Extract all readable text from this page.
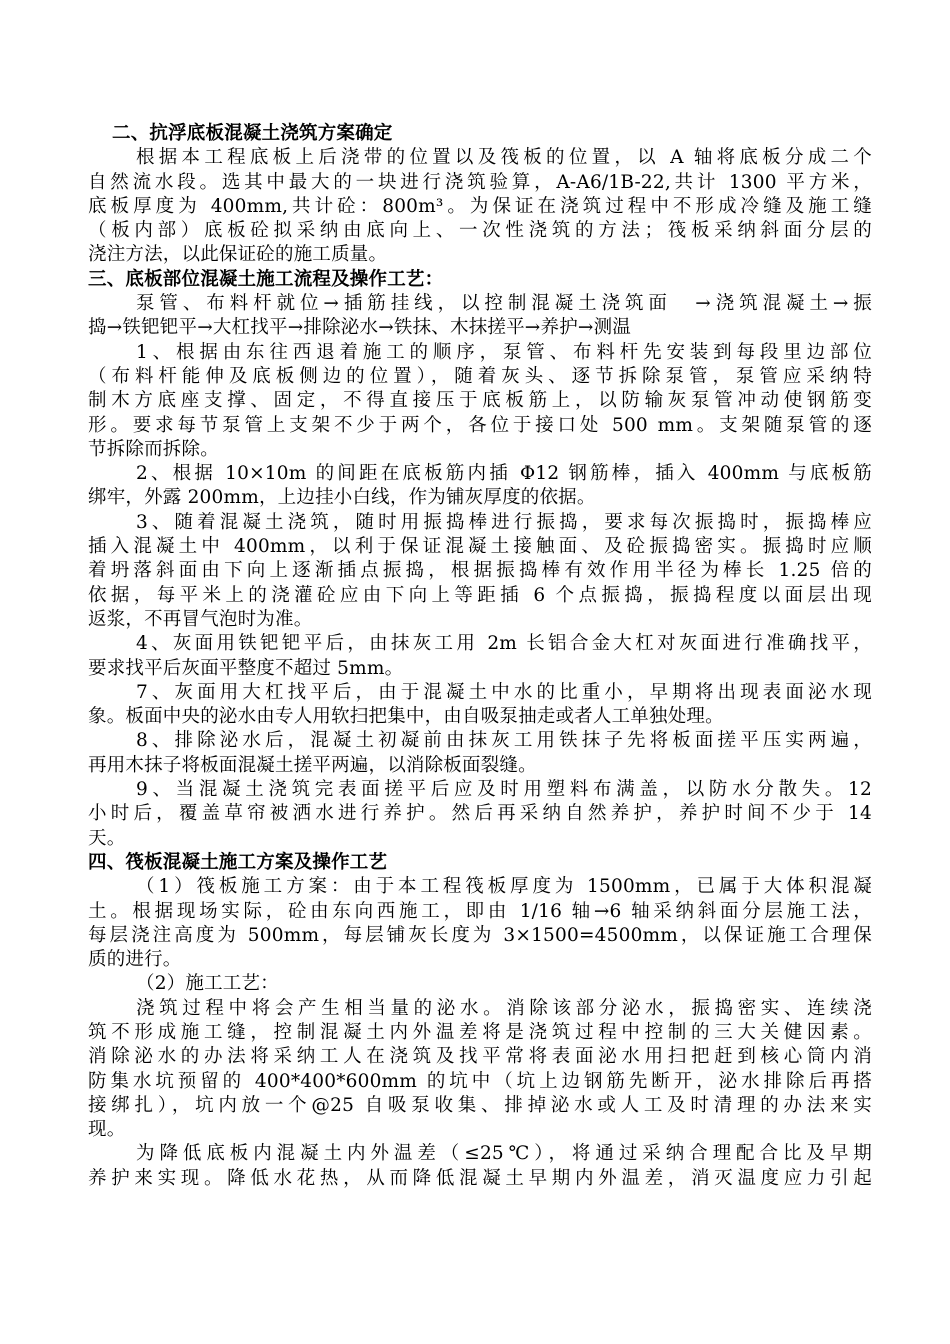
二、抗浮底板混凝土浇筑方案确定
根据本工程底板上后浇带的位置以及筏板的位置，以 A 轴将底板分成二个
自然流水段。选其中最大的一块进行浇筑验算，A-A6/1B-22,共计 1300 平方米，
底板厚度为 400mm,共计砼：800m³。为保证在浇筑过程中不形成冷缝及施工缝
（板内部）底板砼拟采纳由底向上、一次性浇筑的方法；筏板采纳斜面分层的
浇注方法，以此保证砼的施工质量。
三、底板部位混凝土施工流程及操作工艺：
泵管、布料杆就位→插筋挂线，以控制混凝土浇筑面　→浇筑混凝土→振
捣→铁钯钯平→大杠找平→排除泌水→铁抹、木抹搓平→养护→测温
1、根据由东往西退着施工的顺序，泵管、布料杆先安装到每段里边部位
（布料杆能伸及底板侧边的位置），随着灰头、逐节拆除泵管，泵管应采纳特
制木方底座支撑、固定，不得直接压于底板筋上，以防输灰泵管冲动使钢筋变
形。要求每节泵管上支架不少于两个，各位于接口处 500 mm。支架随泵管的逐
节拆除而拆除。
2、根据 10×10m 的间距在底板筋内插 Φ12 钢筋棒，插入 400mm 与底板筋
绑牢，外露 200mm，上边挂小白线，作为铺灰厚度的依据。
3、随着混凝土浇筑，随时用振捣棒进行振捣，要求每次振捣时，振捣棒应
插入混凝土中 400mm，以利于保证混凝土接触面、及砼振捣密实。振捣时应顺
着坍落斜面由下向上逐渐插点振捣，根据振捣棒有效作用半径为棒长 1.25 倍的
依据，每平米上的浇灌砼应由下向上等距插 6 个点振捣，振捣程度以面层出现
返浆，不再冒气泡时为准。
4、灰面用铁钯钯平后，由抹灰工用 2m 长铝合金大杠对灰面进行准确找平，
要求找平后灰面平整度不超过 5mm。
7、灰面用大杠找平后，由于混凝土中水的比重小，早期将出现表面泌水现
象。板面中央的泌水由专人用软扫把集中，由自吸泵抽走或者人工单独处理。
8、排除泌水后，混凝土初凝前由抹灰工用铁抹子先将板面搓平压实两遍，
再用木抹子将板面混凝土搓平两遍，以消除板面裂缝。
9、当混凝土浇筑完表面搓平后应及时用塑料布满盖，以防水分散失。12
小时后，覆盖草帘被洒水进行养护。然后再采纳自然养护，养护时间不少于 14
天。
四、筏板混凝土施工方案及操作工艺
（1）筏板施工方案：由于本工程筏板厚度为 1500mm，已属于大体积混凝
土。根据现场实际，砼由东向西施工，即由 1/16 轴→6 轴采纳斜面分层施工法，
每层浇注高度为 500mm，每层铺灰长度为 3×1500=4500mm，以保证施工合理保
质的进行。
（2）施工工艺：
浇筑过程中将会产生相当量的泌水。消除该部分泌水，振捣密实、连续浇
筑不形成施工缝，控制混凝土内外温差将是浇筑过程中控制的三大关健因素。
消除泌水的办法将采纳工人在浇筑及找平常将表面泌水用扫把赶到核心筒内消
防集水坑预留的 400*400*600mm 的坑中（坑上边钢筋先断开，泌水排除后再搭
接绑扎），坑内放一个@25 自吸泵收集、排掉泌水或人工及时清理的办法来实
现。
为降低底板内混凝土内外温差（≤25℃），将通过采纳合理配合比及早期
养护来实现。降低水花热，从而降低混凝土早期内外温差，消灭温度应力引起
